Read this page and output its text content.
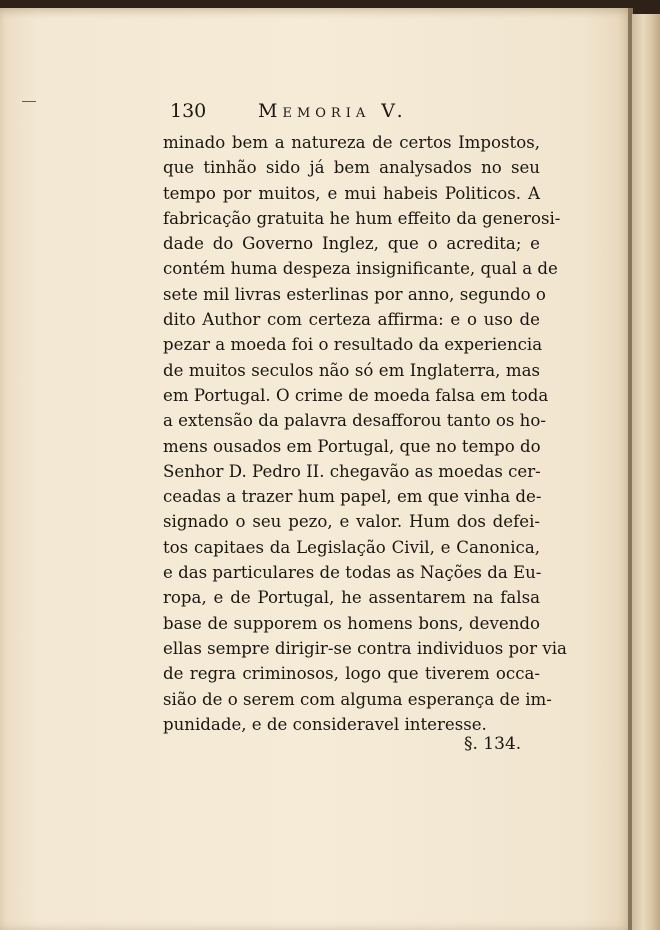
130	Memoria V.
minado bem a natureza de certos Impostos,
que tinhão sido já bem analysados no seu
tempo por muitos, e mui habeis Politicos. A
fabricação gratuita he hum effeito da generosi-
dade do Governo Inglez, que o acredita; e
contém huma despeza insignificante, qual a de
sete mil livras esterlinas por anno, segundo o
dito Author com certeza affirma: e o uso de
pezar a moeda foi o resultado da experiencia
de muitos seculos não só em Inglaterra, mas
em Portugal. O crime de moeda falsa em toda
a extensão da palavra desafforou tanto os ho-
mens ousados em Portugal, que no tempo do
Senhor D. Pedro II. chegavão as moedas cer-
ceadas a trazer hum papel, em que vinha de-
signado o seu pezo, e valor. Hum dos defei-
tos capitaes da Legislação Civil, e Canonica,
e das particulares de todas as Nações da Eu-
ropa, e de Portugal, he assentarem na falsa
base de supporem os homens bons, devendo
ellas sempre dirigir-se contra individuos por via
de regra criminosos, logo que tiverem occa-
sião de o serem com alguma esperança de im-
punidade, e de consideravel interesse.
§. 134.
